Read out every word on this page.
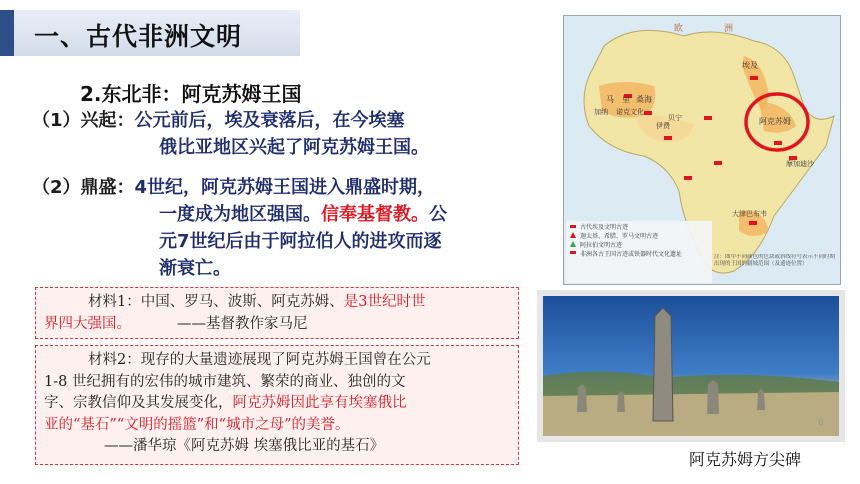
一、古代非洲文明
2.东北非：阿克苏姆王国
（1）兴起：公元前后，埃及衰落后，在今埃塞
俄比亚地区兴起了阿克苏姆王国。
（2）鼎盛：4世纪，阿克苏姆王国进入鼎盛时期，
一度成为地区强国。信奉基督教。公
元7世纪后由于阿拉伯人的进攻而逐
渐衰亡。
材料1：中国、罗马、波斯、阿克苏姆、是3世纪时世
界四大强国。	——基督教作家马尼
材料2：现存的大量遗迹展现了阿克苏姆王国曾在公元
1-8 世纪拥有的宏伟的城市建筑、繁荣的商业、独创的文
字、宗教信仰及其发展变化，阿克苏姆因此享有埃塞俄比
亚的“基石”“文明的摇篮”和“城市之母”的美誉。
——潘华琼《阿克苏姆 埃塞俄比亚的基石》
欧	洲
马 里 桑海
加纳 诺克文化
伊费
贝宁
埃及
阿克苏姆
摩加迪沙
大津巴布韦
古代埃及文明古迹
迦太基、希腊、罗马文明古迹
阿拉伯文明古迹
非洲各古王国古迹或铁器时代文化遗址	注：图中不同颜色的色块或斜线符号表示不同时期出现的王国的疆域范围（及遗迹位置）
阿克苏姆方尖碑
6
